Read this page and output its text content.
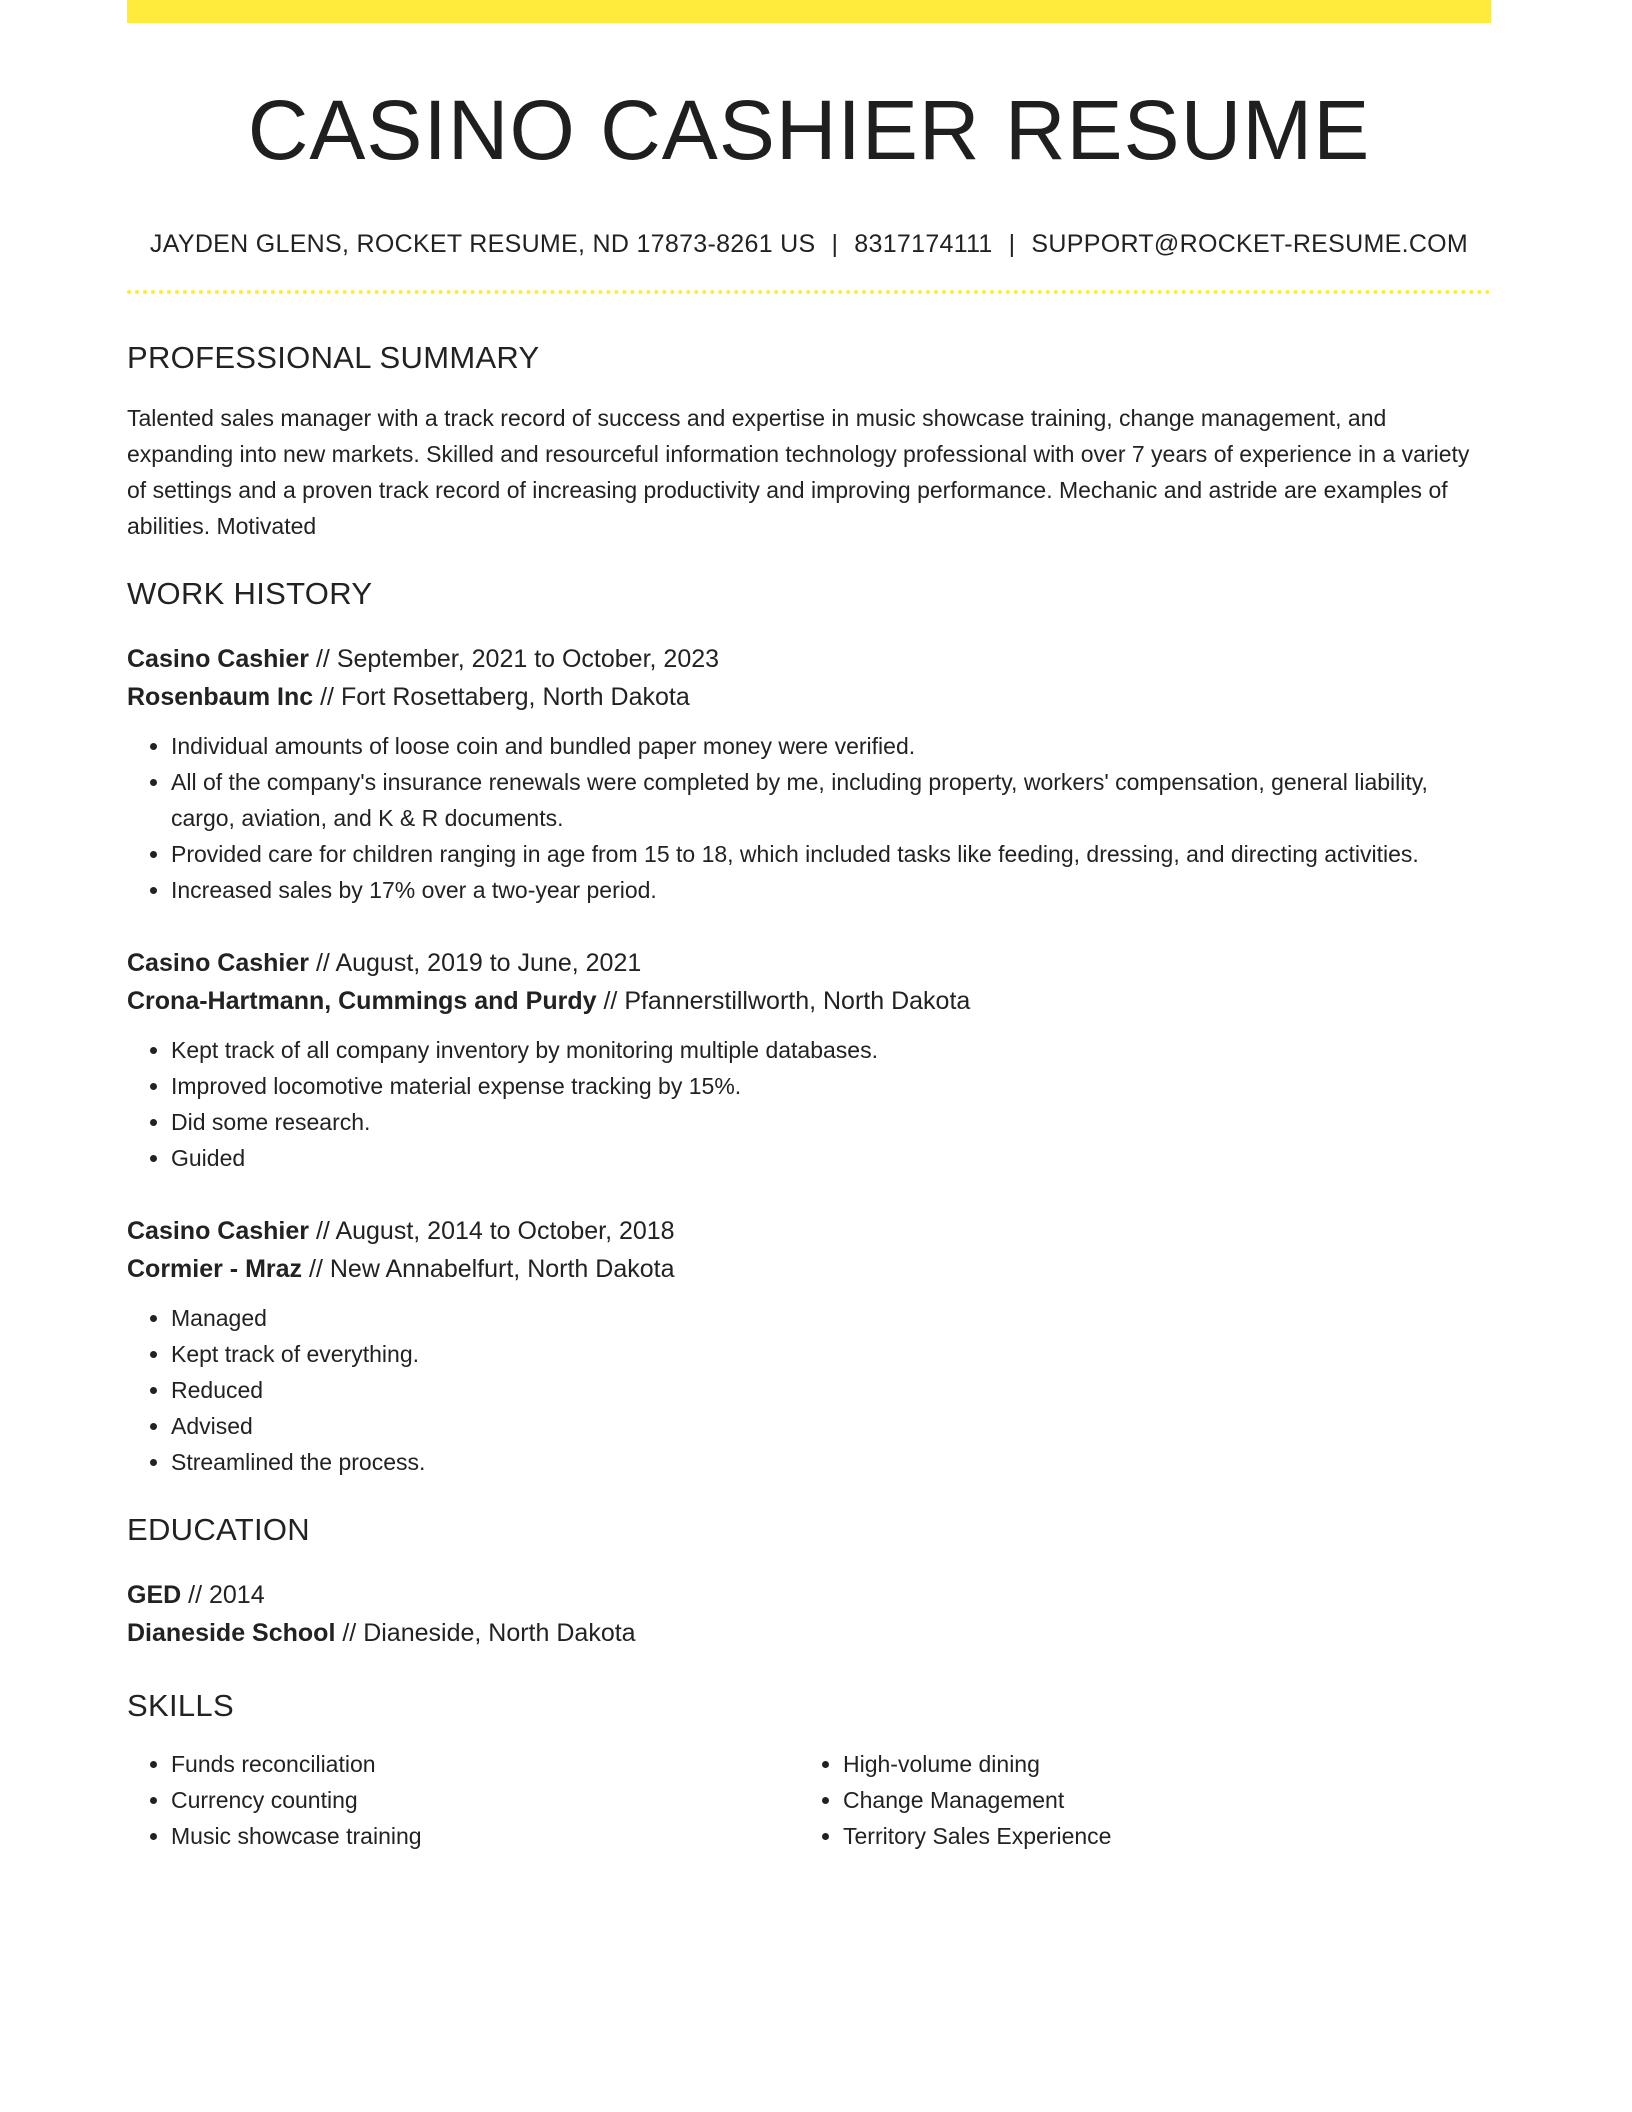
CASINO CASHIER RESUME
JAYDEN GLENS, ROCKET RESUME, ND 17873-8261 US | 8317174111 | SUPPORT@ROCKET-RESUME.COM
PROFESSIONAL SUMMARY
Talented sales manager with a track record of success and expertise in music showcase training, change management, and expanding into new markets. Skilled and resourceful information technology professional with over 7 years of experience in a variety of settings and a proven track record of increasing productivity and improving performance. Mechanic and astride are examples of abilities. Motivated
WORK HISTORY
Casino Cashier // September, 2021 to October, 2023
Rosenbaum Inc // Fort Rosettaberg, North Dakota
• Individual amounts of loose coin and bundled paper money were verified.
• All of the company's insurance renewals were completed by me, including property, workers' compensation, general liability, cargo, aviation, and K & R documents.
• Provided care for children ranging in age from 15 to 18, which included tasks like feeding, dressing, and directing activities.
• Increased sales by 17% over a two-year period.
Casino Cashier // August, 2019 to June, 2021
Crona-Hartmann, Cummings and Purdy // Pfannerstillworth, North Dakota
• Kept track of all company inventory by monitoring multiple databases.
• Improved locomotive material expense tracking by 15%.
• Did some research.
• Guided
Casino Cashier // August, 2014 to October, 2018
Cormier - Mraz // New Annabelfurt, North Dakota
• Managed
• Kept track of everything.
• Reduced
• Advised
• Streamlined the process.
EDUCATION
GED // 2014
Dianeside School // Dianeside, North Dakota
SKILLS
• Funds reconciliation
• Currency counting
• Music showcase training
• High-volume dining
• Change Management
• Territory Sales Experience
